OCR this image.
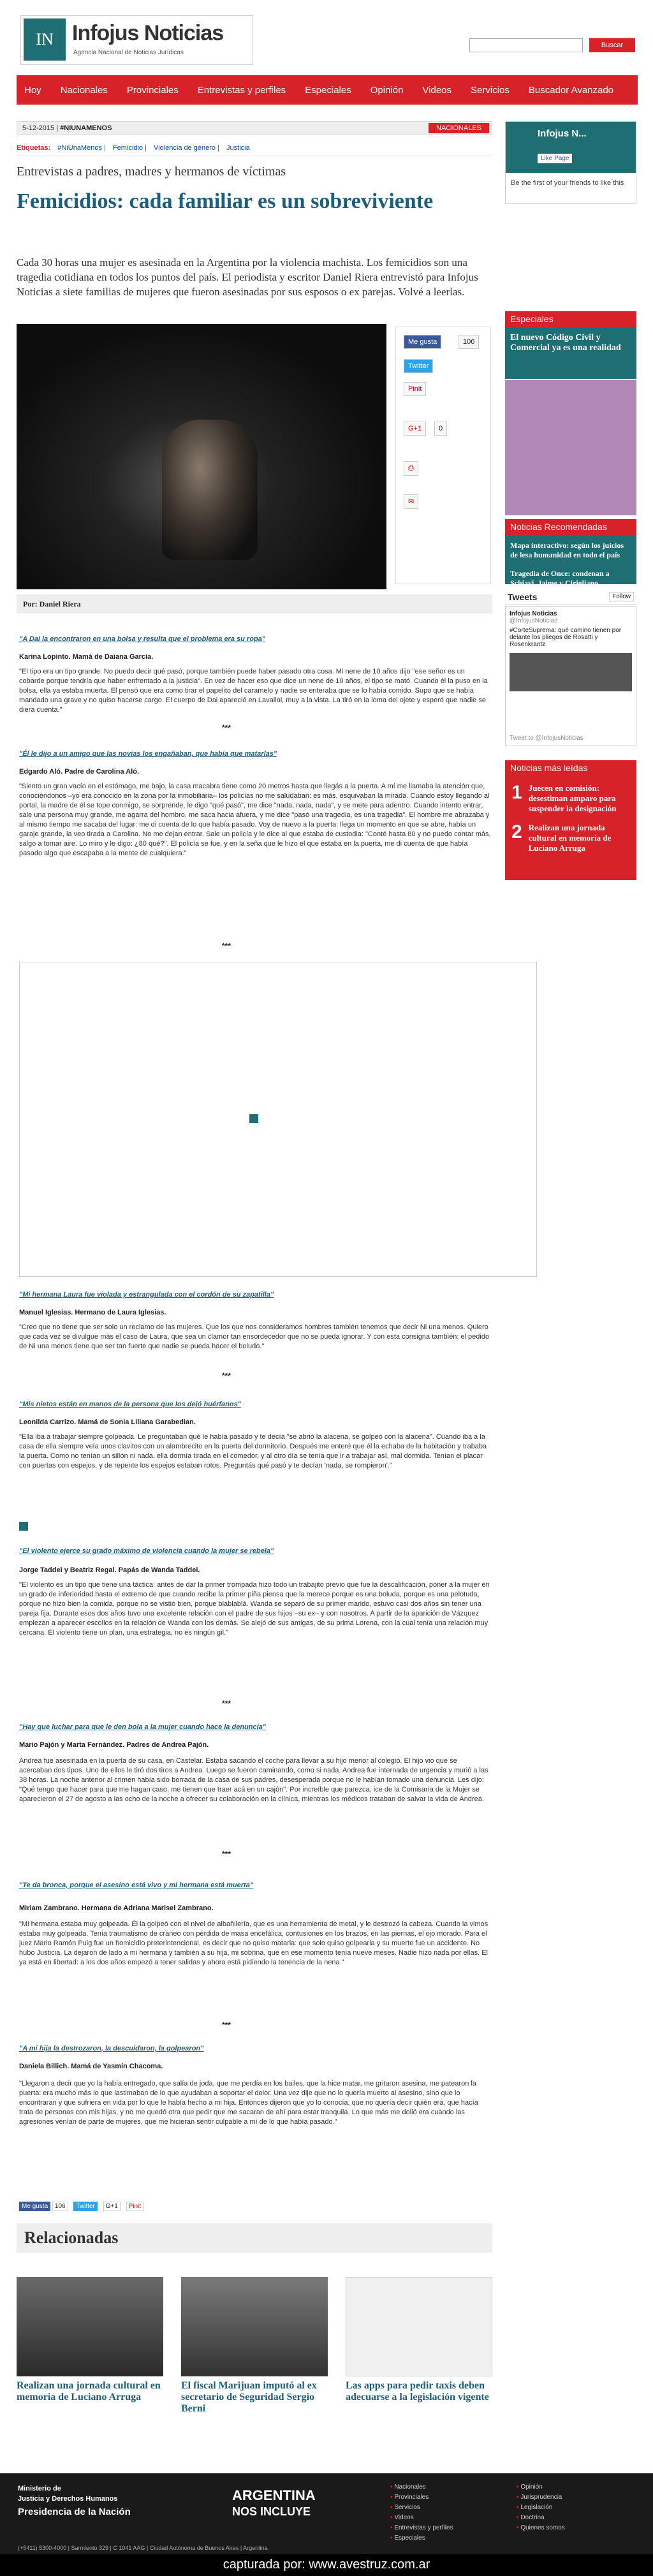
IN Infojus Noticias
Agencia Nacional de Noticias Jurídicas
Buscar
Hoy Nacionales Provinciales Entrevistas y perfiles Especiales Opinión Videos Servicios Buscador Avanzado
5-12-2015 | #NIUNAMENOS	NACIONALES
Etiquetas: #NiUnaMenos | Femicidio | Violencia de género | Justicia
Entrevistas a padres, madres y hermanos de víctimas
Femicidios: cada familiar es un sobreviviente
Cada 30 horas una mujer es asesinada en la Argentina por la violencia machista. Los femicidios son una tragedia cotidiana en todos los puntos del país. El periodista y escritor Daniel Riera entrevistó para Infojus Noticias a siete familias de mujeres que fueron asesinadas por sus esposos o ex parejas. Volvé a leerlas.
Me gusta	106
Twitter
Pinit
G+1	0
⎙
✉
Por: Daniel Riera
"A Dai la encontraron en una bolsa y resulta que el problema era su ropa"
Karina Lopinto. Mamá de Daiana García.
"El tipo era un tipo grande. No puedo decir qué pasó, porque también puede haber pasado otra cosa. Mi nene de 10 años dijo "ese señor es un cobarde porque tendría que haber enfrentado a la justicia". En vez de hacer eso que dice un nene de 10 años, el tipo se mató. Cuando él la puso en la bolsa, ella ya estaba muerta. El pensó que era como tirar el papelito del caramelo y nadie se enteraba que se lo había comido. Supo que se había mandado una grave y no quiso hacerse cargo. El cuerpo de Dai apareció en Lavallol, muy a la vista. La tiró en la loma del ojete y esperó que nadie se diera cuenta."
***
"Él le dijo a un amigo que las novias los engañaban, que había que matarlas"
Edgardo Aló. Padre de Carolina Aló.
"Siento un gran vacío en el estómago, me bajo, la casa macabra tiene como 20 metros hasta que llegás a la puerta. A mí me llamaba la atención que, conociéndonos –yo era conocido en la zona por la inmobiliaria– los policías no me saludaban: es más, esquivaban la mirada. Cuando estoy llegando al portal, la madre de él se tope conmigo, se sorprende, le digo "qué pasó", me dice "nada, nada, nada", y se mete para adentro. Cuando intento entrar, sale una persona muy grande, me agarra del hombro, me saca hacia afuera, y me dice "pasó una tragedia, es una tragedia". El hombre me abrazaba y al mismo tiempo me sacaba del lugar: me di cuenta de lo que había pasado. Voy de nuevo a la puerta: llega un momento en que se abre, había un garaje grande, la veo tirada a Carolina. No me dejan entrar. Sale un policía y le dice al que estaba de custodia: "Conté hasta 80 y no puedo contar más, salgo a tomar aire. Lo miro y le digo: ¿80 qué?". El policía se fue, y en la seña que le hizo el que estaba en la puerta, me di cuenta de que había pasado algo que escapaba a la mente de cualquiera."
***
"Mi hermana Laura fue violada y estrangulada con el cordón de su zapatilla"
Manuel Iglesias. Hermano de Laura Iglesias.
"Creo que no tiene que ser solo un reclamo de las mujeres. Que los que nos consideramos hombres también tenemos que decir Ni una menos. Quiero que cada vez se divulgue más el caso de Laura, que sea un clamor tan ensordecedor que no se pueda ignorar. Y con esta consigna también: el pedido de Ni una menos tiene que ser tan fuerte que nadie se pueda hacer el boludo."
***
"Mis nietos están en manos de la persona que los dejó huérfanos"
Leonilda Carrizo. Mamá de Sonia Liliana Garabedian.
"Ella iba a trabajar siempre golpeada. Le preguntaban qué le había pasado y te decía "se abrió la alacena, se golpeó con la alacena". Cuando iba a la casa de ella siempre veía unos clavitos con un alambrecito en la puerta del dormitorio. Después me enteré que él la echaba de la habitación y trababa la puerta. Como no tenían un sillón ni nada, ella dormía tirada en el comedor, y al otro día se tenía que ir a trabajar así, mal dormida. Tenían el placar con puertas con espejos, y de repente los espejos estaban rotos. Preguntás qué pasó y te decían 'nada, se rompieron'."
"El violento ejerce su grado máximo de violencia cuando la mujer se rebela"
Jorge Taddei y Beatriz Regal. Papás de Wanda Taddei.
"El violento es un tipo que tiene una táctica: antes de dar la primer trompada hizo todo un trabajito previo que fue la descalificación, poner a la mujer en un grado de inferioridad hasta el extremo de que cuando recibe la primer piña piensa que la merece porque es una boluda, porque es una pelotuda, porque no hizo bien la comida, porque no se vistió bien, porque blablablá. Wanda se separó de su primer marido, estuvo casi dos años sin tener una pareja fija. Durante esos dos años tuvo una excelente relación con el padre de sus hijos –su ex– y con nosotros. A partir de la aparición de Vázquez empiezan a aparecer escollos en la relación de Wanda con los demás. Se alejó de sus amigas, de su prima Lorena, con la cual tenía una relación muy cercana. El violento tiene un plan, una estrategia, no es ningún gil."
***
"Hay que luchar para que le den bola a la mujer cuando hace la denuncia"
Mario Pajón y Marta Fernández. Padres de Andrea Pajón.
Andrea fue asesinada en la puerta de su casa, en Castelar. Estaba sacando el coche para llevar a su hijo menor al colegio. El hijo vio que se acercaban dos tipos. Uno de ellos le tiró dos tiros a Andrea. Luego se fueron caminando, como si nada. Andrea fue internada de urgencia y murió a las 38 horas. La noche anterior al crimen había sido borrada de la casa de sus padres, desesperada porque no le habían tomado una denuncia. Les dijo: "Qué tengo que hacer para que me hagan caso, me tienen que traer acá en un cajón". Por increíble que parezca, ice de la Comisaría de la Mujer se aparecieron el 27 de agosto a las ocho de la noche a ofrecer su colaboración en la clínica, mientras los médicos trataban de salvar la vida de Andrea.
***
"Te da bronca, porque el asesino está vivo y mi hermana está muerta"
Miriam Zambrano. Hermana de Adriana Marisel Zambrano.
"Mi hermana estaba muy golpeada. Él la golpeó con el nivel de albañilería, que es una herramienta de metal, y le destrozó la cabeza. Cuando la vimos estaba muy golpeada. Tenía traumatismo de cráneo con pérdida de masa encefálica, contusiones en los brazos, en las piernas, el ojo morado. Para el juez Mario Ramón Puig fue un homicidio preterintencional, es decir que no quiso matarla: que solo quiso golpearla y su muerte fue un accidente. No hubo Justicia. La dejaron de lado a mi hermana y también a su hija, mi sobrina, que en ese momento tenía nueve meses. Nadie hizo nada por ellas. El ya está en libertad: a los dos años empezó a tener salidas y ahora está pidiendo la tenencia de la nena."
***
"A mi hija la destrozaron, la descuidaron, la golpearon"
Daniela Billich. Mamá de Yasmín Chacoma.
"Llegaron a decir que yo la había entregado, que salía de joda, que me perdía en los bailes, que la hice matar, me gritaron asesina, me patearon la puerta: era mucho más lo que lastimaban de lo que ayudaban a soportar el dolor. Una vez dije que no lo quería muerto al asesino, sino que lo encontraran y que sufriera en vida por lo que le había hecho a mi hija. Entonces dijeron que yo lo conocía, que no quería decir quién era, que hacía trata de personas con mis hijas, y no me quedó otra que pedir que me sacaran de ahí para estar tranquila. Lo que más me dolió era cuando las agresiones venían de parte de mujeres, que me hicieran sentir culpable a mí de lo que había pasado."
Me gusta 106 Twitter G+1 Pinit
Relacionadas
Realizan una jornada cultural en memoria de Luciano Arruga
El fiscal Marijuan imputó al ex secretario de Seguridad Sergio Berni
Las apps para pedir taxis deben adecuarse a la legislación vigente
Infojus N...
Like Page
Be the first of your friends to like this
Especiales
El nuevo Código Civil y Comercial ya es una realidad
Noticias Recomendadas
Mapa interactivo: según los juicios de lesa humanidad en todo el país
Tragedia de Once: condenan a Schiavi, Jaime y Cirigliano
Tweets	Follow
Infojus Noticias
@InfojusNoticias
#CorteSuprema: qué camino tienen por delante los pliegos de Rosatti y Rosenkrantz
Tweet to @InfojusNoticias
Noticias más leídas
1 Juecen en comisión: desestiman amparo para suspender la designación
2 Realizan una jornada cultural en memoria de Luciano Arruga
Ministerio de
Justicia y Derechos Humanos
Presidencia de la Nación
(+5411) 5300-4000 | Sarmiento 329 | C 1041 AAG | Ciudad Autónoma de Buenos Aires | Argentina
ARGENTINA
NOS INCLUYE
▪ Nacionales
▪ Provinciales
▪ Servicios
▪ Videos
▪ Entrevistas y perfiles
▪ Especiales
▪ Opinión
▪ Jurisprudencia
▪ Legislación
▪ Doctrina
▪ Quienes somos
capturada por: www.avestruz.com.ar
